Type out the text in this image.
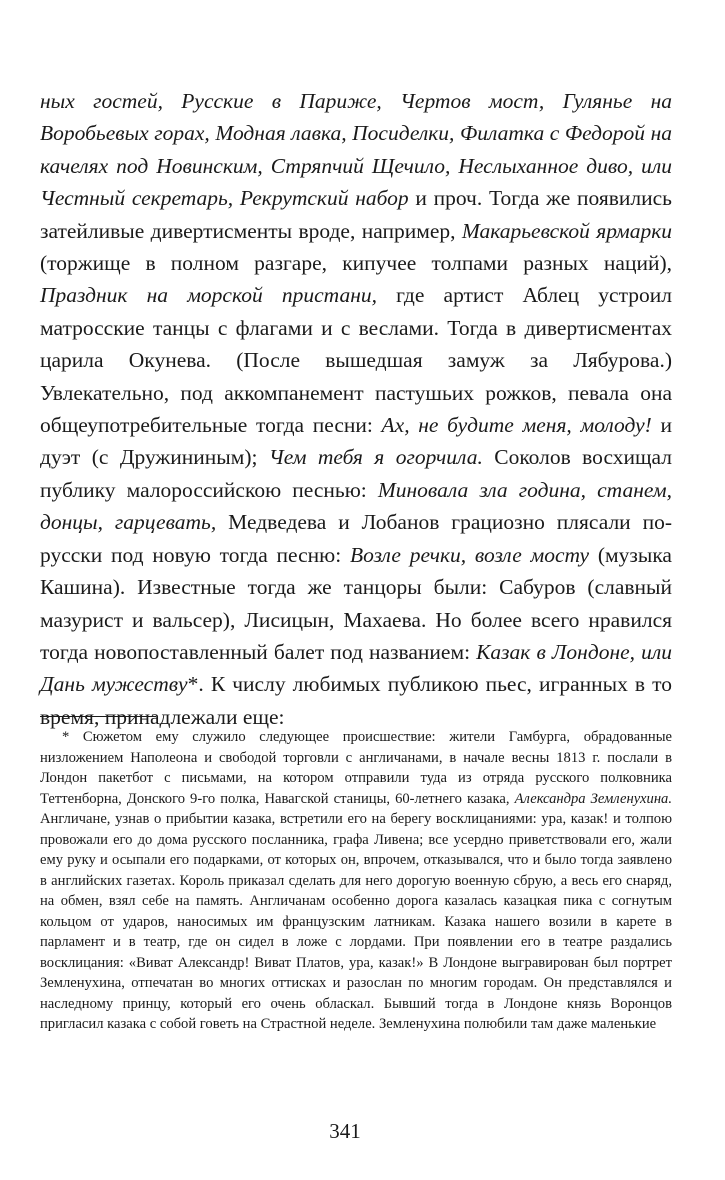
ных гостей, Русские в Париже, Чертов мост, Гулянье на Воробьевых горах, Модная лавка, Посиделки, Филатка с Федорой на качелях под Новинским, Стряпчий Щечило, Неслыханное диво, или Честный секретарь, Рекрутский набор и проч. Тогда же появились затейливые дивертисменты вроде, например, Макарьевской ярмарки (торжище в полном разгаре, кипучее толпами разных наций), Праздник на морской пристани, где артист Аблец устроил матросские танцы с флагами и с веслами. Тогда в дивертисментах царила Окунева. (После вышедшая замуж за Лябурова.) Увлекательно, под аккомпанемент пастушьих рожков, певала она общеупотребительные тогда песни: Ах, не будите меня, молоду! и дуэт (с Дружининым); Чем тебя я огорчила. Соколов восхищал публику малороссийскою песнью: Миновала зла година, станем, донцы, гарцевать, Медведева и Лобанов грациозно плясали по-русски под новую тогда песню: Возле речки, возле мосту (музыка Кашина). Известные тогда же танцоры были: Сабуров (славный мазурист и вальсер), Лисицын, Махаева. Но более всего нравился тогда новопоставленный балет под названием: Казак в Лондоне, или Дань мужеству*. К числу любимых публикою пьес, игранных в то время, принадлежали еще:

* Сюжетом ему служило следующее происшествие: жители Гамбурга, обрадованные низложением Наполеона и свободой торговли с англичанами, в начале весны 1813 г. послали в Лондон пакетбот с письмами, на котором отправили туда из отряда русского полковника Теттенборна, Донского 9-го полка, Навагской станицы, 60-летнего казака, Александра Земленухина. Англичане, узнав о прибытии казака, встретили его на берегу восклицаниями: ура, казак! и толпою провожали его до дома русского посланника, графа Ливена; все усердно приветствовали его, жали ему руку и осыпали его подарками, от которых он, впрочем, отказывался, что и было тогда заявлено в английских газетах. Король приказал сделать для него дорогую военную сбрую, а весь его снаряд, на обмен, взял себе на память. Англичанам особенно дорога казалась казацкая пика с согнутым кольцом от ударов, наносимых им французским латникам. Казака нашего возили в карете в парламент и в театр, где он сидел в ложе с лордами. При появлении его в театре раздались восклицания: «Виват Александр! Виват Платов, ура, казак!» В Лондоне выгравирован был портрет Земленухина, отпечатан во многих оттисках и разослан по многим городам. Он представлялся и наследному принцу, который его очень обласкал. Бывший тогда в Лондоне князь Воронцов пригласил казака с собой говеть на Страстной неделе. Земленухина полюбили там даже маленькие

341
